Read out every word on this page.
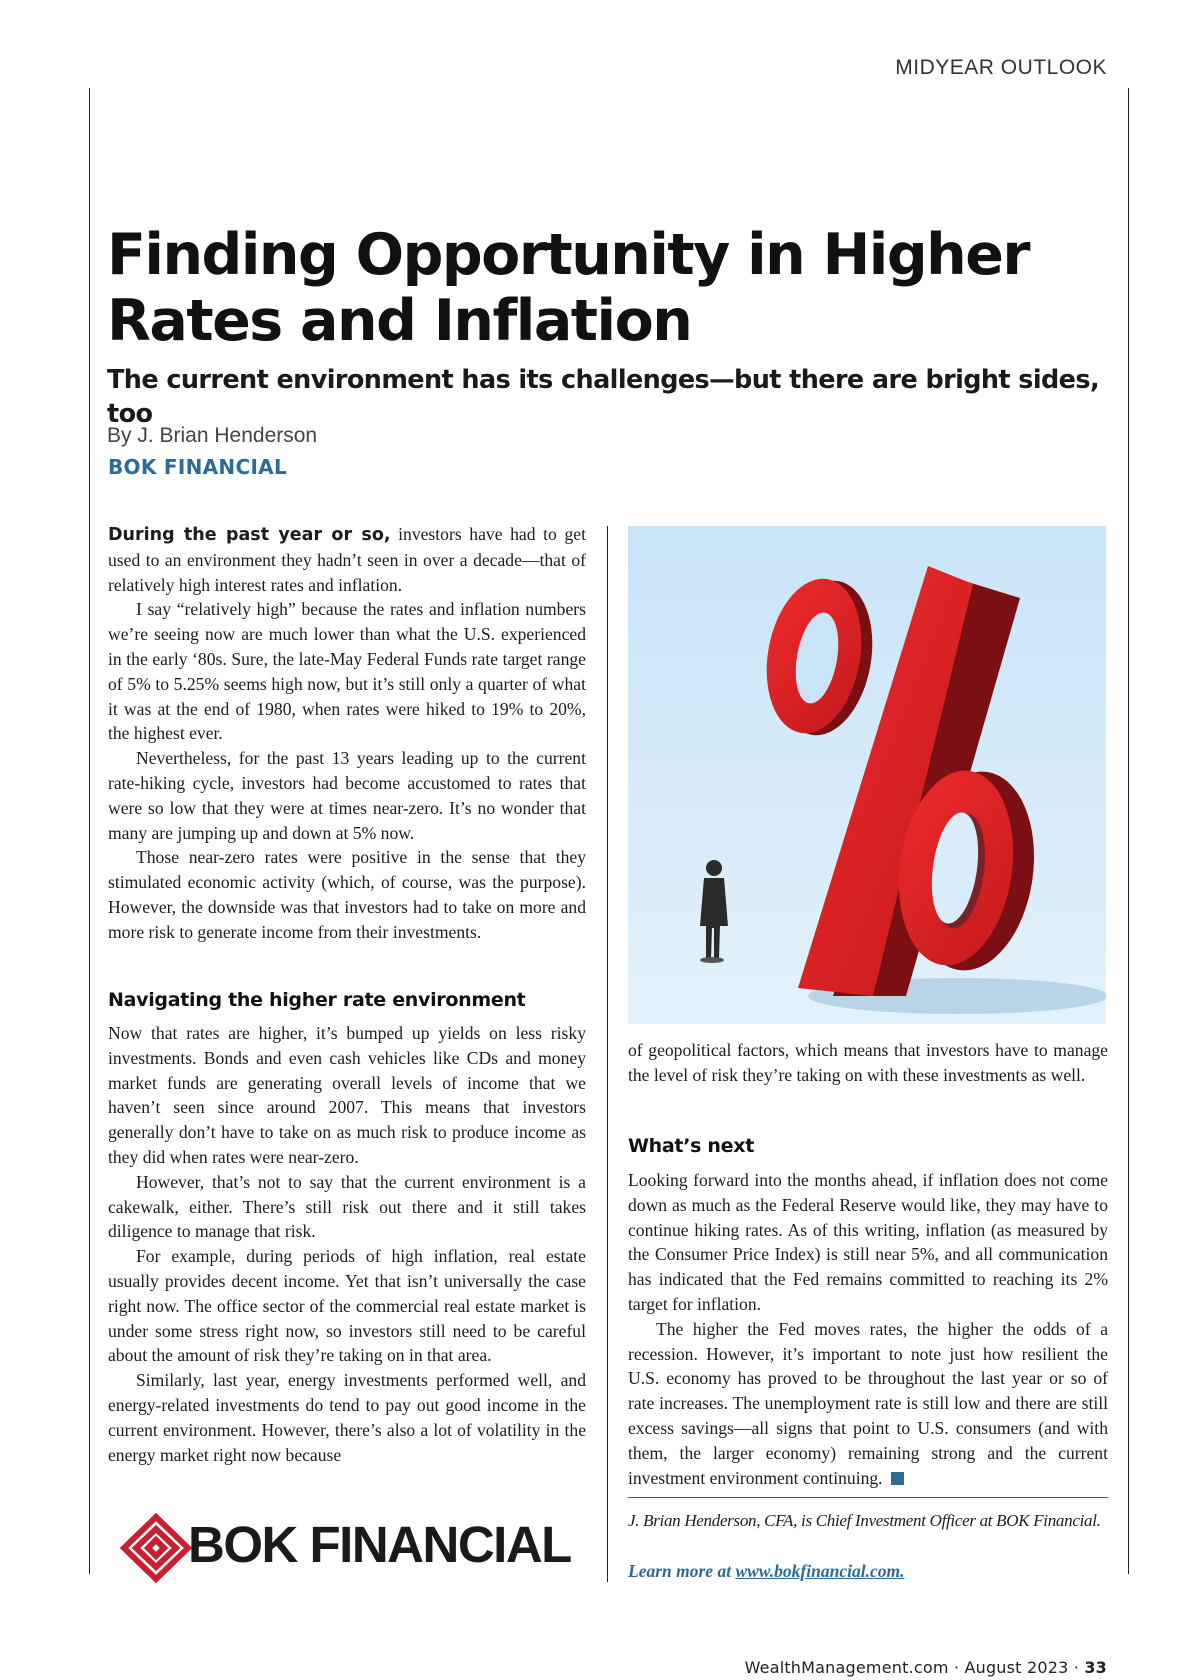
MIDYEAR OUTLOOK
Finding Opportunity in Higher Rates and Inflation
The current environment has its challenges—but there are bright sides, too
By J. Brian Henderson
BOK FINANCIAL

During the past year or so, investors have had to get used to an environment they hadn’t seen in over a decade—that of relatively high interest rates and inflation.

I say “relatively high” because the rates and inflation numbers we’re seeing now are much lower than what the U.S. experienced in the early ‘80s. Sure, the late-May Federal Funds rate target range of 5% to 5.25% seems high now, but it’s still only a quarter of what it was at the end of 1980, when rates were hiked to 19% to 20%, the highest ever.

Nevertheless, for the past 13 years leading up to the current rate-hiking cycle, investors had become accustomed to rates that were so low that they were at times near-zero. It’s no wonder that many are jumping up and down at 5% now.

Those near-zero rates were positive in the sense that they stimulated economic activity (which, of course, was the purpose). However, the downside was that investors had to take on more and more risk to generate income from their investments.

Navigating the higher rate environment

Now that rates are higher, it’s bumped up yields on less risky investments. Bonds and even cash vehicles like CDs and money market funds are generating overall levels of income that we haven’t seen since around 2007. This means that investors generally don’t have to take on as much risk to produce income as they did when rates were near-zero.

However, that’s not to say that the current environment is a cakewalk, either. There’s still risk out there and it still takes diligence to manage that risk.

For example, during periods of high inflation, real estate usually provides decent income. Yet that isn’t universally the case right now. The office sector of the commercial real estate market is under some stress right now, so investors still need to be careful about the amount of risk they’re taking on in that area.

Similarly, last year, energy investments performed well, and energy-related investments do tend to pay out good income in the current environment. However, there’s also a lot of volatility in the energy market right now because

of geopolitical factors, which means that investors have to manage the level of risk they’re taking on with these investments as well.

What’s next

Looking forward into the months ahead, if inflation does not come down as much as the Federal Reserve would like, they may have to continue hiking rates. As of this writing, inflation (as measured by the Consumer Price Index) is still near 5%, and all communication has indicated that the Fed remains committed to reaching its 2% target for inflation.

The higher the Fed moves rates, the higher the odds of a recession. However, it’s important to note just how resilient the U.S. economy has proved to be throughout the last year or so of rate increases. The unemployment rate is still low and there are still excess savings—all signs that point to U.S. consumers (and with them, the larger economy) remaining strong and the current investment environment continuing.

J. Brian Henderson, CFA, is Chief Investment Officer at BOK Financial.
Learn more at www.bokfinancial.com.
BOK FINANCIAL
WealthManagement.com · August 2023 · 33
